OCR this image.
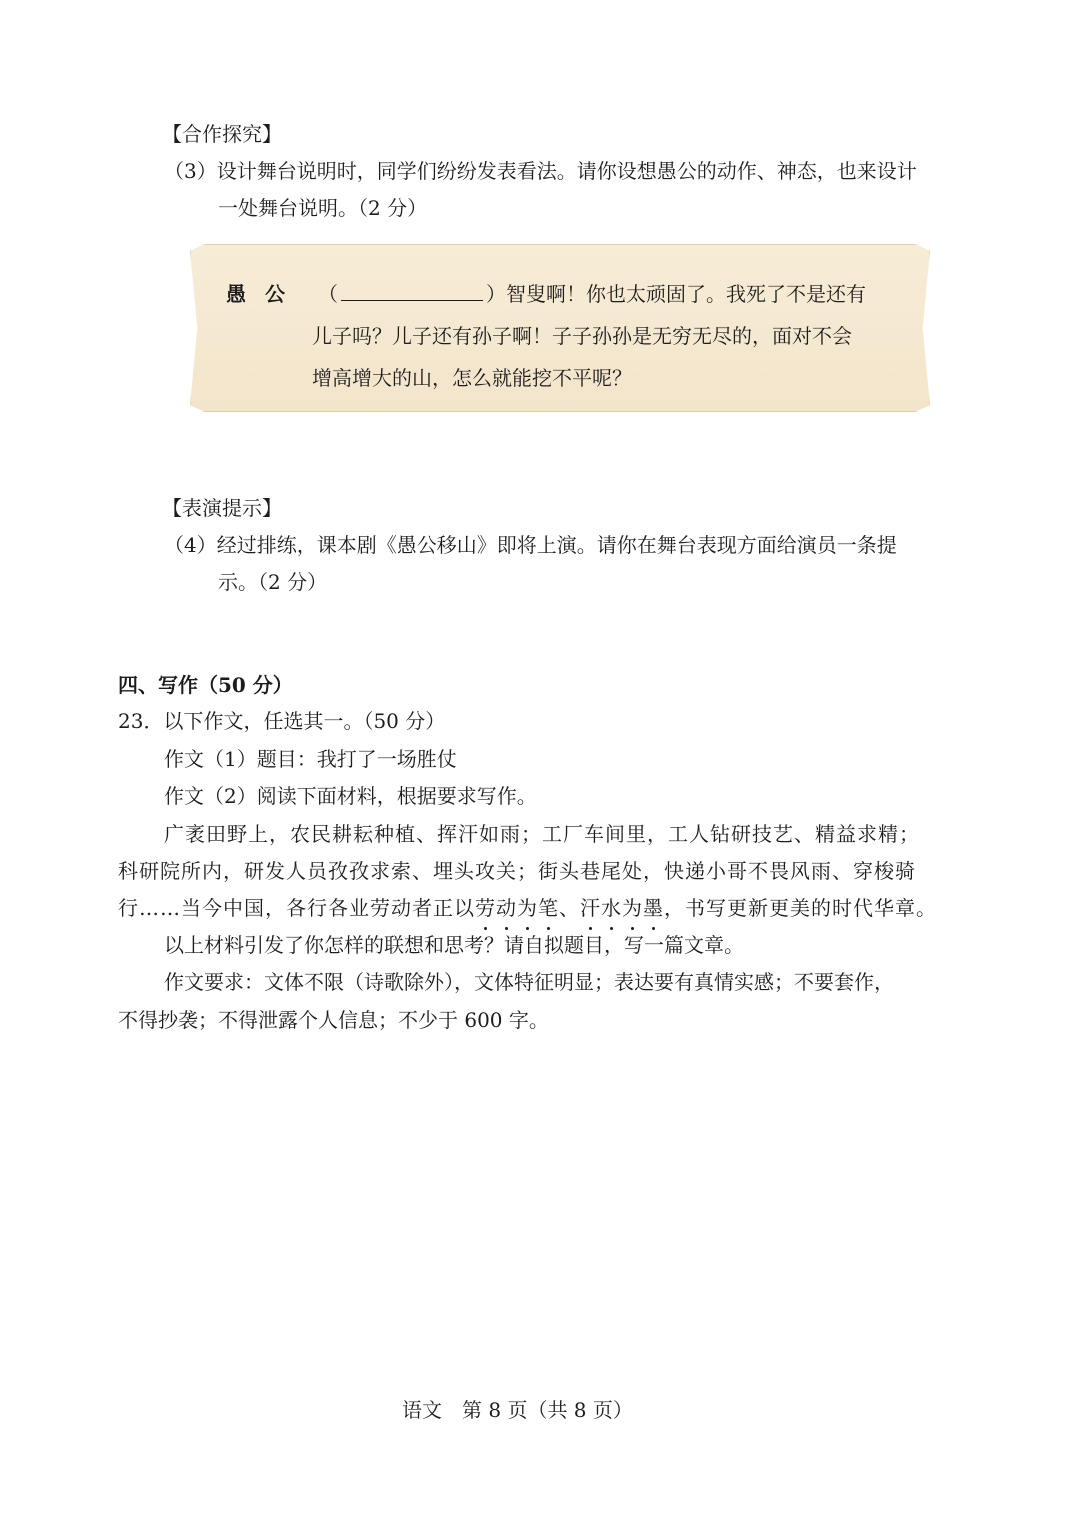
【合作探究】
（3）设计舞台说明时，同学们纷纷发表看法。请你设想愚公的动作、神态，也来设计
一处舞台说明。（2 分）
愚 公 （	）智叟啊！你也太顽固了。我死了不是还有
儿子吗？儿子还有孙子啊！子子孙孙是无穷无尽的，面对不会
增高增大的山，怎么就能挖不平呢？
【表演提示】
（4）经过排练，课本剧《愚公移山》即将上演。请你在舞台表现方面给演员一条提
示。（2 分）
四、写作（50 分）
23．以下作文，任选其一。（50 分）
作文（1）题目：我打了一场胜仗
作文（2）阅读下面材料，根据要求写作。
广袤田野上，农民耕耘种植、挥汗如雨；工厂车间里，工人钻研技艺、精益求精；
科研院所内，研发人员孜孜求索、埋头攻关；街头巷尾处，快递小哥不畏风雨、穿梭骑
行……当今中国，各行各业劳动者正以劳动为笔、汗水为墨，书写更新更美的时代华章。
以上材料引发了你怎样的联想和思考？请自拟题目，写一篇文章。
作文要求：文体不限（诗歌除外），文体特征明显；表达要有真情实感；不要套作，
不得抄袭；不得泄露个人信息；不少于 600 字。
语文　第 8 页（共 8 页）
